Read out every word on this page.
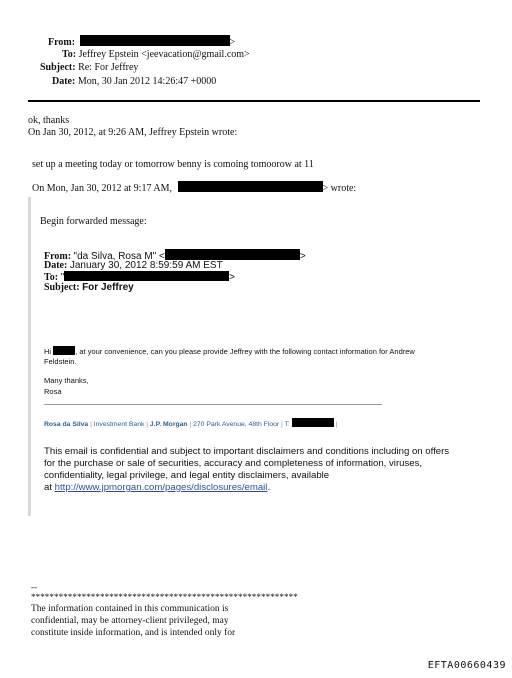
From:	>
To: Jeffrey Epstein <jeevacation@gmail.com>
Subject: Re: For Jeffrey
Date: Mon, 30 Jan 2012 14:26:47 +0000
ok, thanks
On Jan 30, 2012, at 9:26 AM, Jeffrey Epstein wrote:
set up a meeting today or tomorrow benny is comoing tomoorow at 11
On Mon, Jan 30, 2012 at 9:17 AM,	> wrote:
Begin forwarded message:
From: "da Silva, Rosa M" <	>
Date: January 30, 2012 8:59:59 AM EST
To: "	>
Subject: For Jeffrey
Hi	, at your convenience, can you please provide Jeffrey with the following contact information for Andrew
Feldstein.
Many thanks,
Rosa
Rosa da Silva | Investment Bank | J.P. Morgan | 270 Park Avenue, 48th Floor | T:	|
This email is confidential and subject to important disclaimers and conditions including on offers
for the purchase or sale of securities, accuracy and completeness of information, viruses,
confidentiality, legal privilege, and legal entity disclaimers, available
at http://www.jpmorgan.com/pages/disclosures/email.
--
**********************************************************
The information contained in this communication is
confidential, may be attorney-client privileged, may
constitute inside information, and is intended only for
EFTA00660439
